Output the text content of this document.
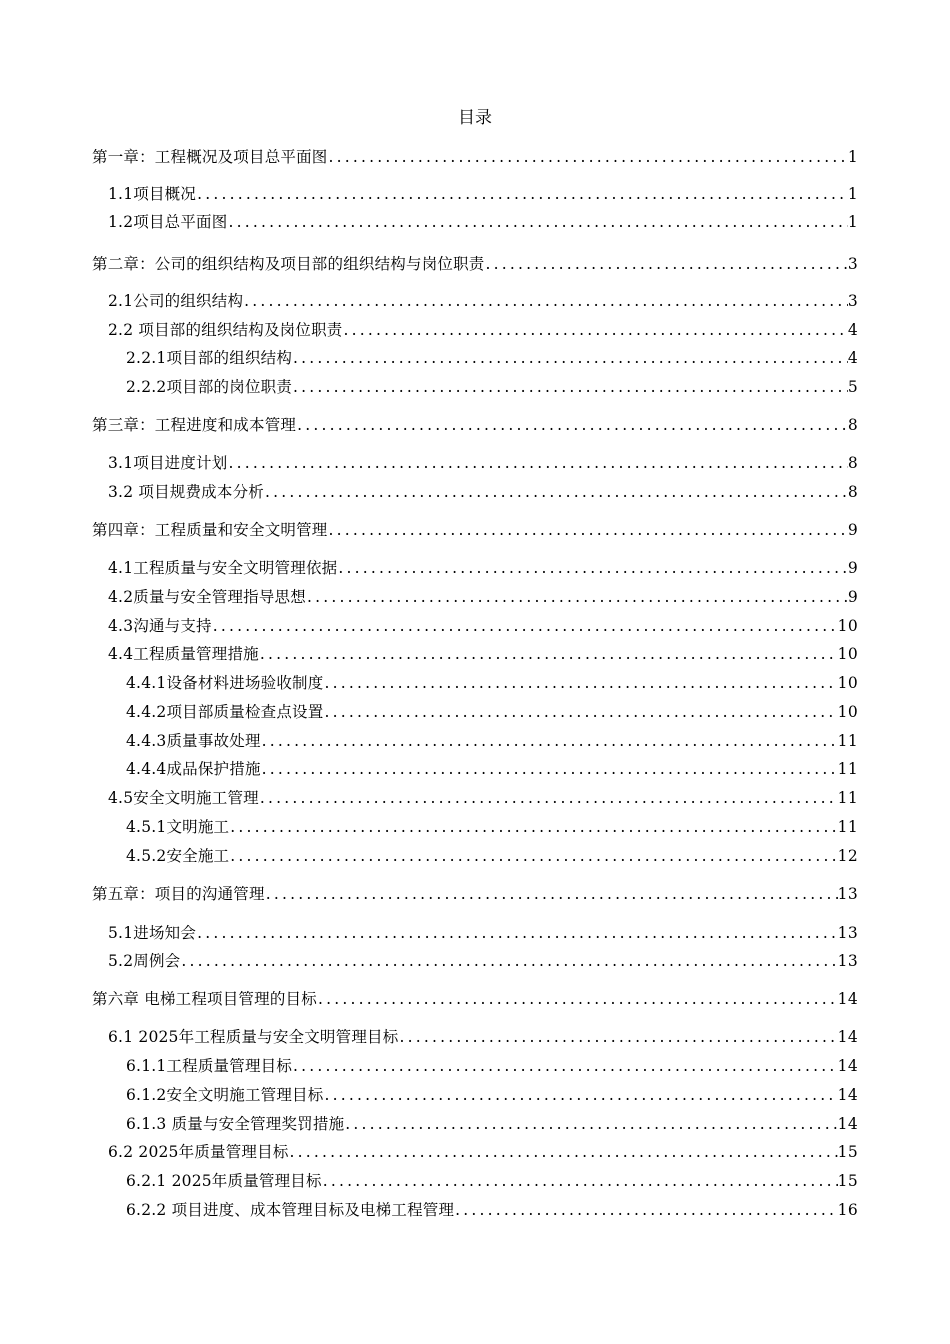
目录
第一章：工程概况及项目总平面图 .....	1
1.1项目概况 .....	1
1.2项目总平面图 .....	1
第二章：公司的组织结构及项目部的组织结构与岗位职责 .....	3
2.1公司的组织结构 .....	3
2.2 项目部的组织结构及岗位职责 .....	4
2.2.1项目部的组织结构 .....	4
2.2.2项目部的岗位职责 .....	5
第三章：工程进度和成本管理 .....	8
3.1项目进度计划 .....	8
3.2 项目规费成本分析 .....	8
第四章：工程质量和安全文明管理 .....	9
4.1工程质量与安全文明管理依据 .....	9
4.2质量与安全管理指导思想 .....	9
4.3沟通与支持 .....	10
4.4工程质量管理措施 .....	10
4.4.1设备材料进场验收制度 .....	10
4.4.2项目部质量检查点设置 .....	10
4.4.3质量事故处理 .....	11
4.4.4成品保护措施 .....	11
4.5安全文明施工管理 .....	11
4.5.1文明施工 .....	11
4.5.2安全施工 .....	12
第五章：项目的沟通管理 .....	13
5.1进场知会 .....	13
5.2周例会 .....	13
第六章 电梯工程项目管理的目标 .....	14
6.1 2025年工程质量与安全文明管理目标 .....	14
6.1.1工程质量管理目标 .....	14
6.1.2安全文明施工管理目标 .....	14
6.1.3 质量与安全管理奖罚措施 .....	14
6.2 2025年质量管理目标 .....	15
6.2.1 2025年质量管理目标 .....	15
6.2.2 项目进度、成本管理目标及电梯工程管理 .....	16
